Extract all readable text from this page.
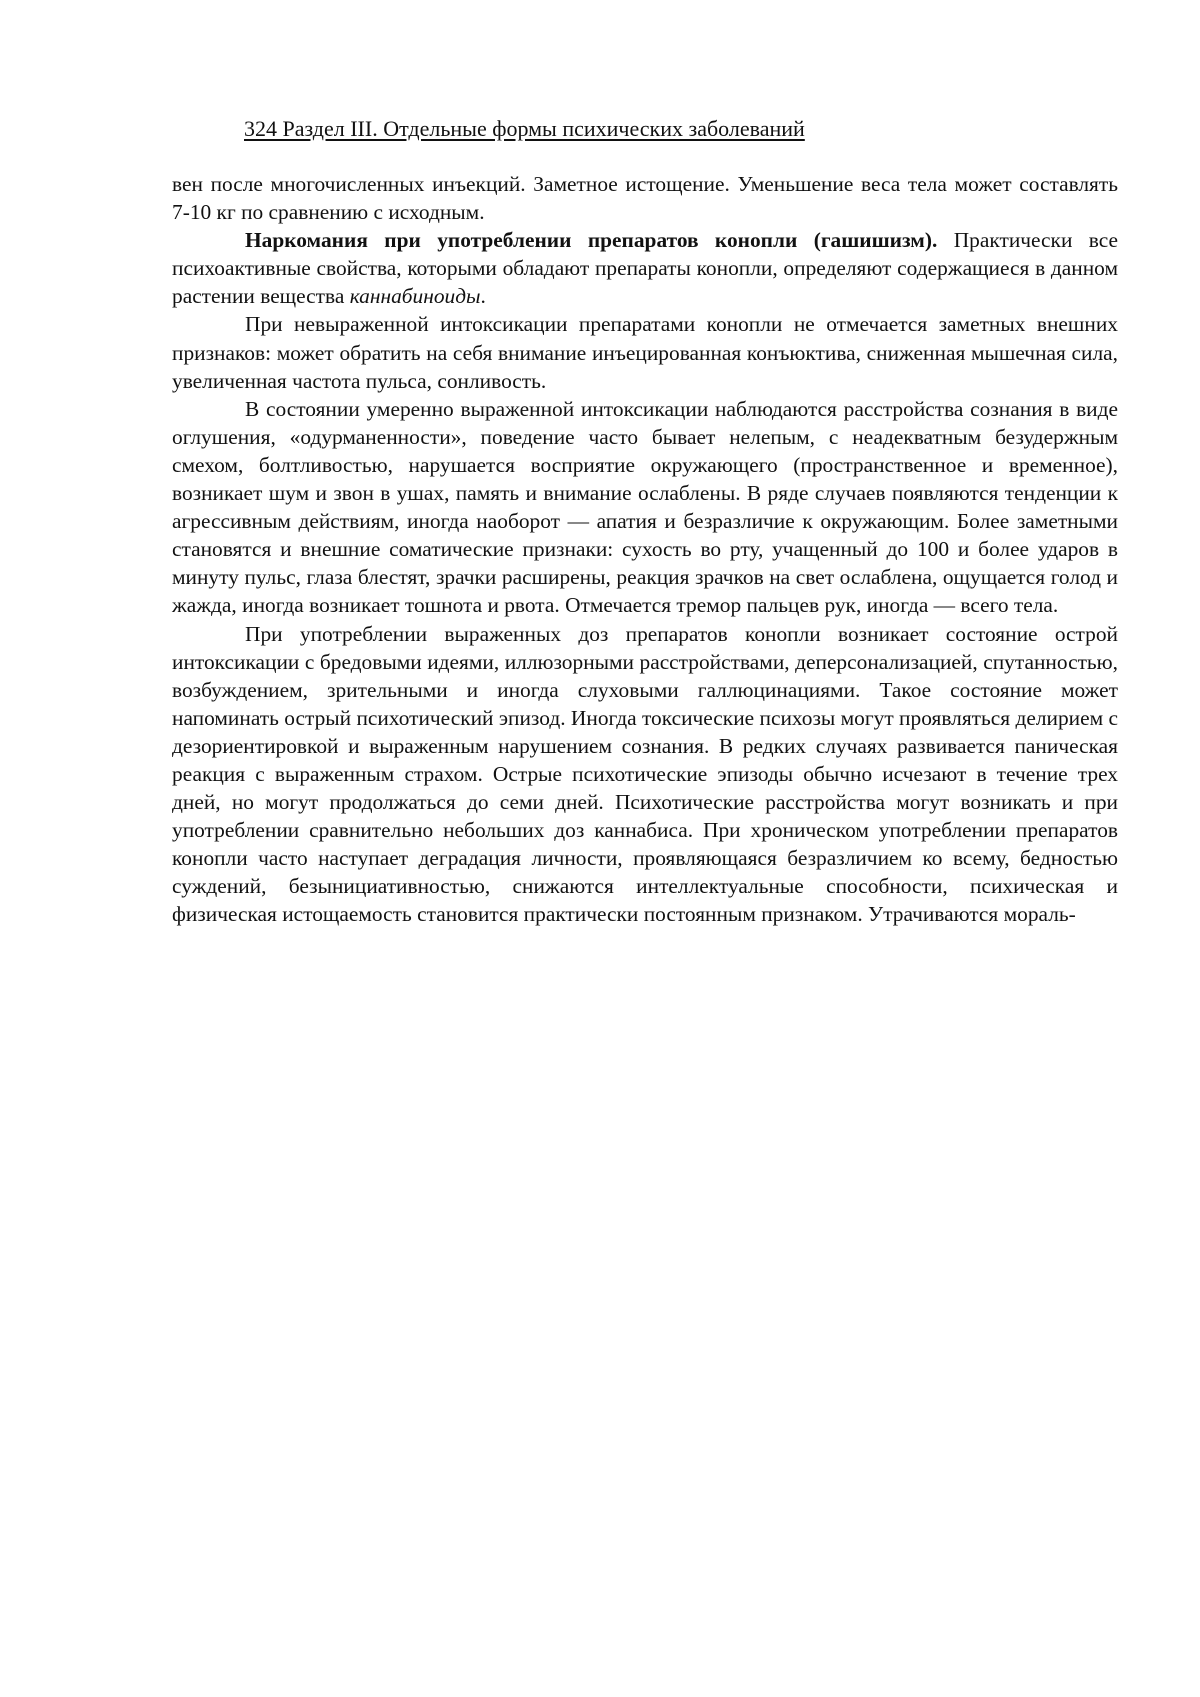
324 Раздел III. Отдельные формы психических заболеваний

вен после многочисленных инъекций. Заметное истощение. Уменьшение веса тела может составлять 7-10 кг по сравнению с исходным.

Наркомания при употреблении препаратов конопли (гашишизм). Практически все психоактивные свойства, которыми обладают препараты конопли, определяют содержащиеся в данном растении вещества каннабиноиды.

При невыраженной интоксикации препаратами конопли не отмечается заметных внешних признаков: может обратить на себя внимание инъецированная конъюктива, сниженная мышечная сила, увеличенная частота пульса, сонливость.

В состоянии умеренно выраженной интоксикации наблюдаются расстройства сознания в виде оглушения, «одурманенности», поведение часто бывает нелепым, с неадекватным безудержным смехом, болтливостью, нарушается восприятие окружающего (пространственное и временное), возникает шум и звон в ушах, память и внимание ослаблены. В ряде случаев появляются тенденции к агрессивным действиям, иногда наоборот — апатия и безразличие к окружающим. Более заметными становятся и внешние соматические признаки: сухость во рту, учащенный до 100 и более ударов в минуту пульс, глаза блестят, зрачки расширены, реакция зрачков на свет ослаблена, ощущается голод и жажда, иногда возникает тошнота и рвота. Отмечается тремор пальцев рук, иногда — всего тела.

При употреблении выраженных доз препаратов конопли возникает состояние острой интоксикации с бредовыми идеями, иллюзорными расстройствами, деперсонализацией, спутанностью, возбуждением, зрительными и иногда слуховыми галлюцинациями. Такое состояние может напоминать острый психотический эпизод. Иногда токсические психозы могут проявляться делирием с дезориентировкой и выраженным нарушением сознания. В редких случаях развивается паническая реакция с выраженным страхом. Острые психотические эпизоды обычно исчезают в течение трех дней, но могут продолжаться до семи дней. Психотические расстройства могут возникать и при употреблении сравнительно небольших доз каннабиса. При хроническом употреблении препаратов конопли часто наступает деградация личности, проявляющаяся безразличием ко всему, бедностью суждений, безынициативностью, снижаются интеллектуальные способности, психическая и физическая истощаемость становится практически постоянным признаком. Утрачиваются мораль-
